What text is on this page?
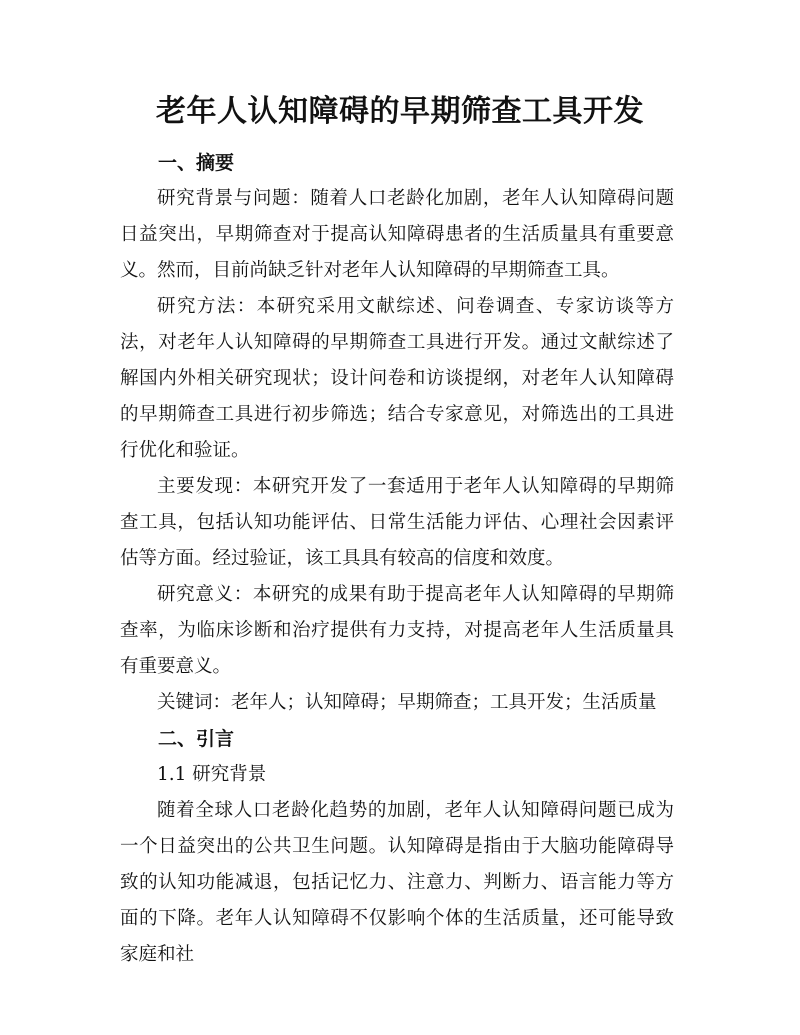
老年人认知障碍的早期筛查工具开发

一、摘要

研究背景与问题：随着人口老龄化加剧，老年人认知障碍问题日益突出，早期筛查对于提高认知障碍患者的生活质量具有重要意义。然而，目前尚缺乏针对老年人认知障碍的早期筛查工具。

研究方法：本研究采用文献综述、问卷调查、专家访谈等方法，对老年人认知障碍的早期筛查工具进行开发。通过文献综述了解国内外相关研究现状；设计问卷和访谈提纲，对老年人认知障碍的早期筛查工具进行初步筛选；结合专家意见，对筛选出的工具进行优化和验证。

主要发现：本研究开发了一套适用于老年人认知障碍的早期筛查工具，包括认知功能评估、日常生活能力评估、心理社会因素评估等方面。经过验证，该工具具有较高的信度和效度。

研究意义：本研究的成果有助于提高老年人认知障碍的早期筛查率，为临床诊断和治疗提供有力支持，对提高老年人生活质量具有重要意义。

关键词：老年人；认知障碍；早期筛查；工具开发；生活质量

二、引言

1.1 研究背景

随着全球人口老龄化趋势的加剧，老年人认知障碍问题已成为一个日益突出的公共卫生问题。认知障碍是指由于大脑功能障碍导致的认知功能减退，包括记忆力、注意力、判断力、语言能力等方面的下降。老年人认知障碍不仅影响个体的生活质量，还可能导致家庭和社
